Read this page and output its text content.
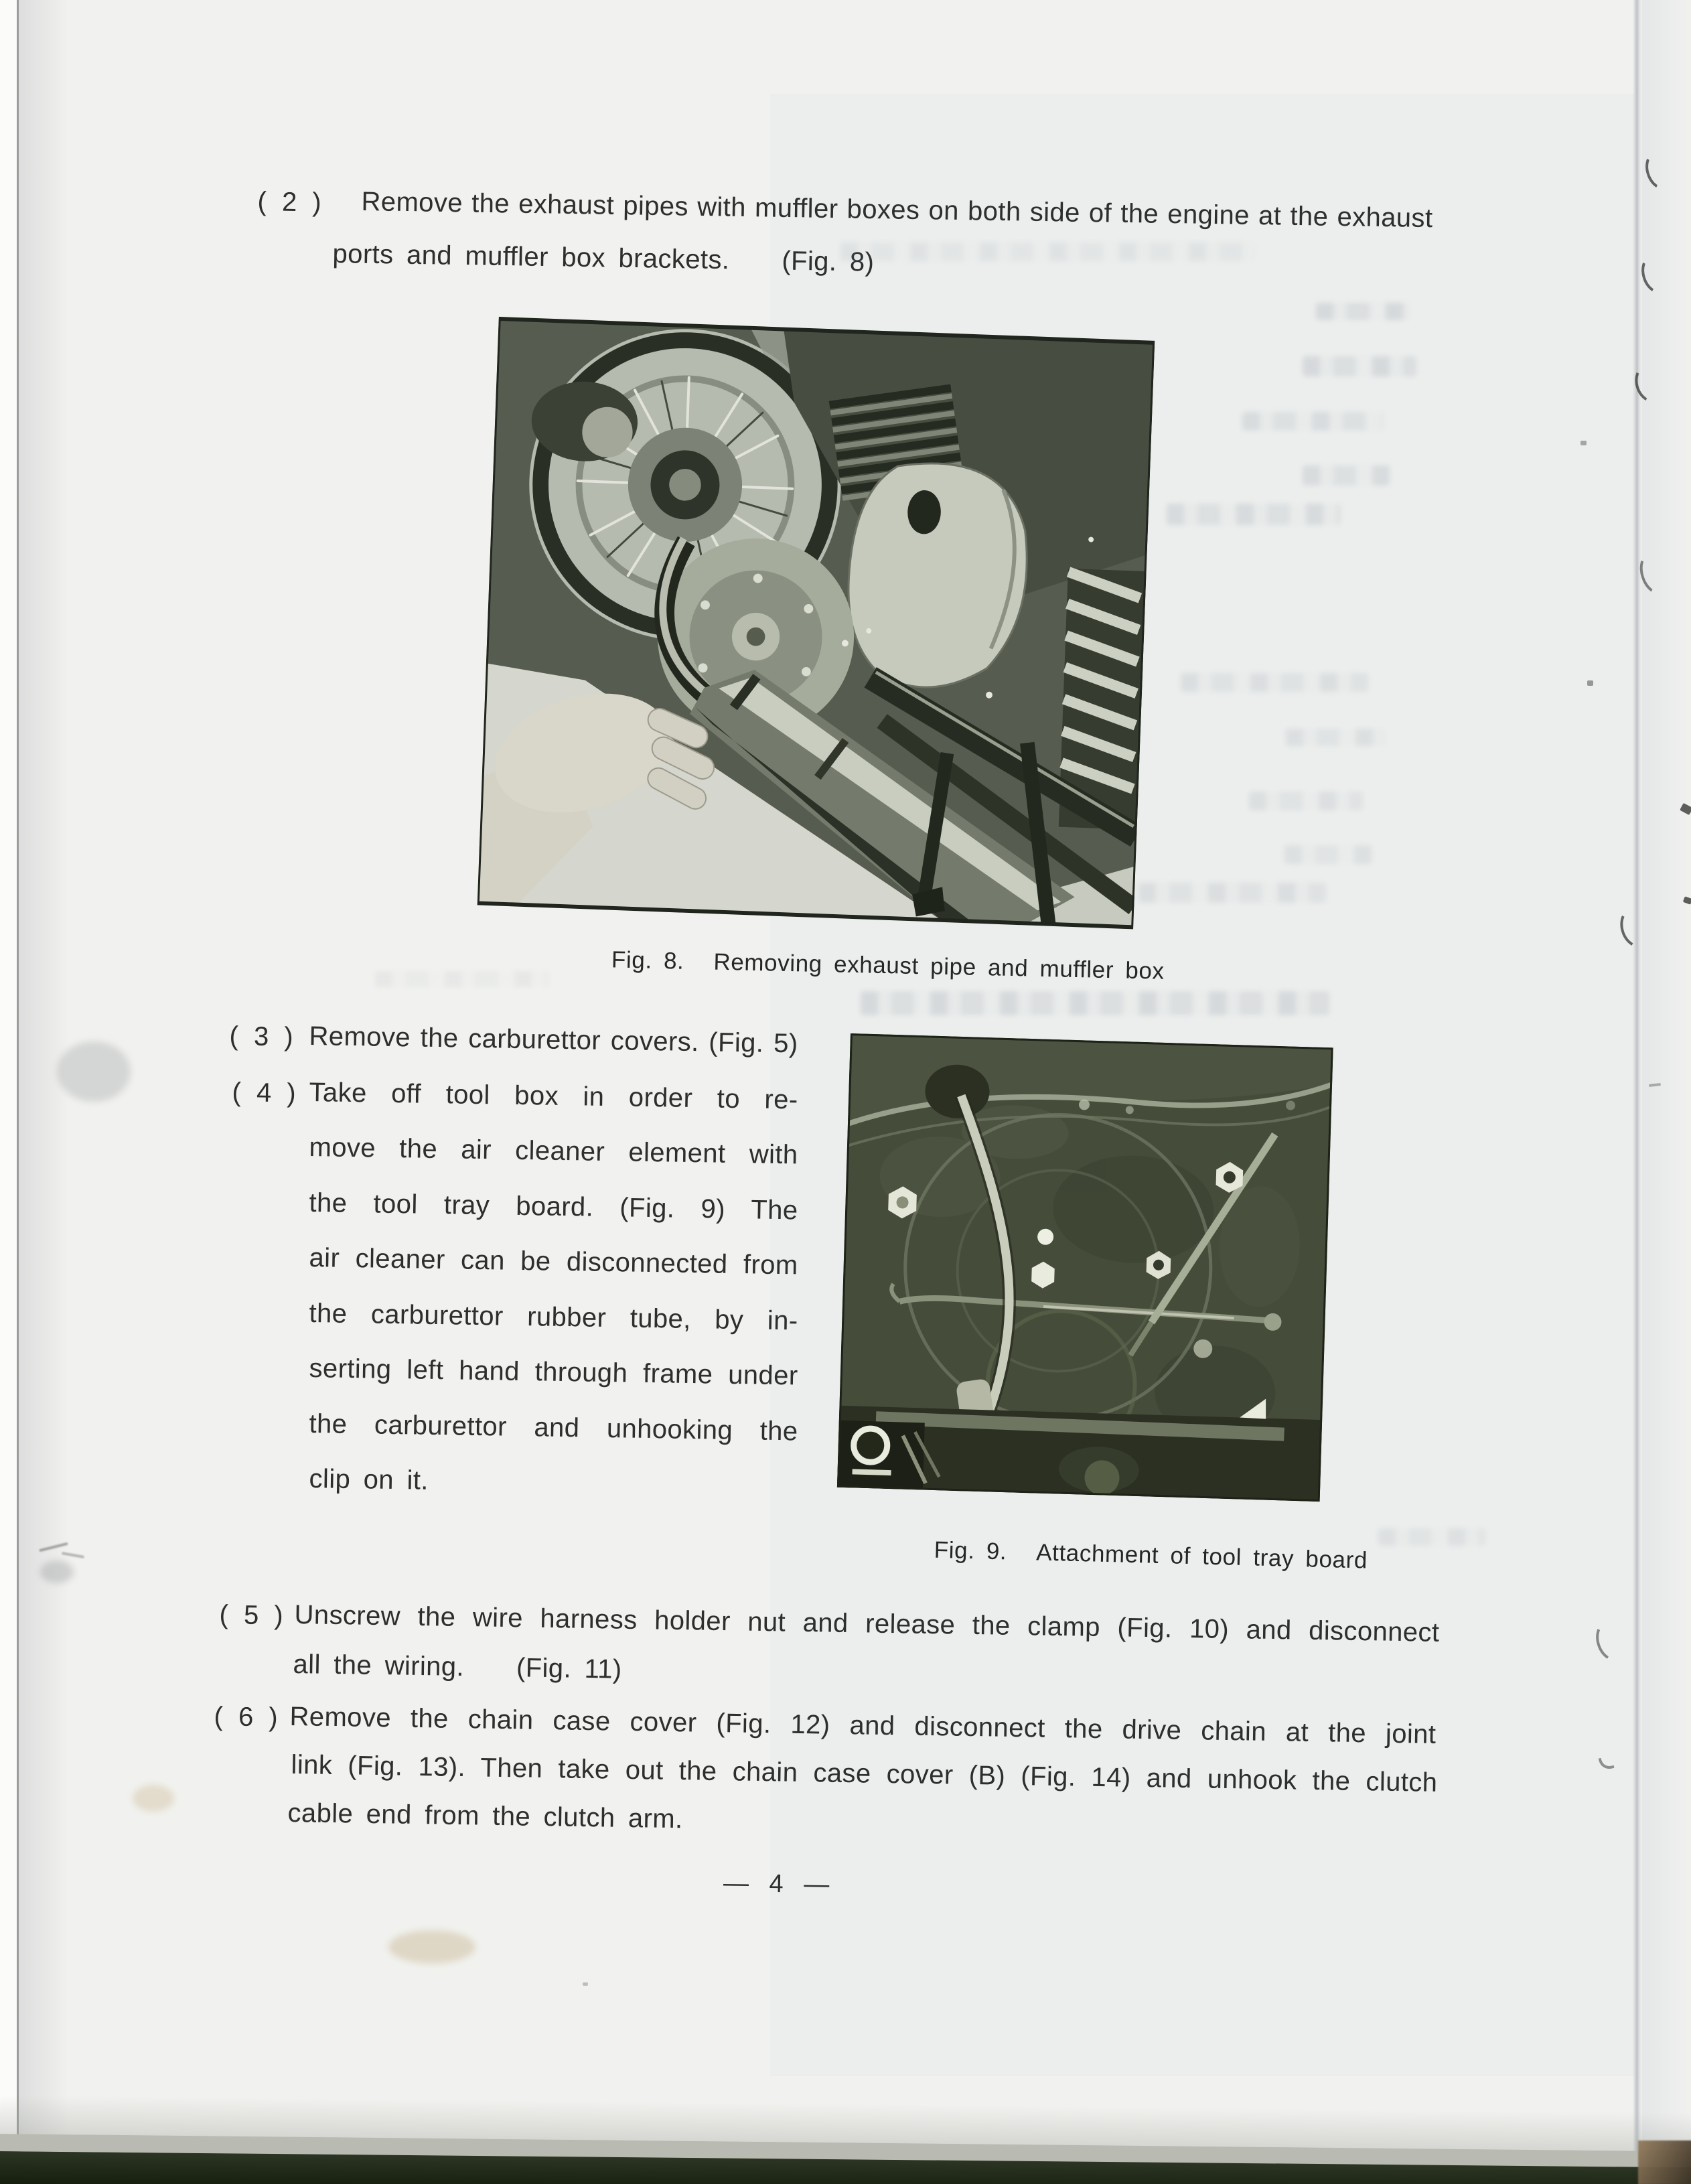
( 2 ) Remove the exhaust pipes with muffler boxes on both side of the engine at the exhaust
ports and muffler box brackets.    (Fig. 8)

Fig. 8. Removing exhaust pipe and muffler box

( 3 ) Remove the carburettor covers. (Fig. 5)
( 4 ) Take off tool box in order to re-
move the air cleaner element with
the tool tray board. (Fig. 9) The
air cleaner can be disconnected from
the carburettor rubber tube, by in-
serting left hand through frame under
the carburettor and unhooking the
clip on it.

Fig. 9. Attachment of tool tray board

( 5 ) Unscrew the wire harness holder nut and release the clamp (Fig. 10) and disconnect
all the wiring.    (Fig. 11)
( 6 ) Remove the chain case cover (Fig. 12) and disconnect the drive chain at the joint
link (Fig. 13). Then take out the chain case cover (B) (Fig. 14) and unhook the clutch
cable end from the clutch arm.
— 4 —
